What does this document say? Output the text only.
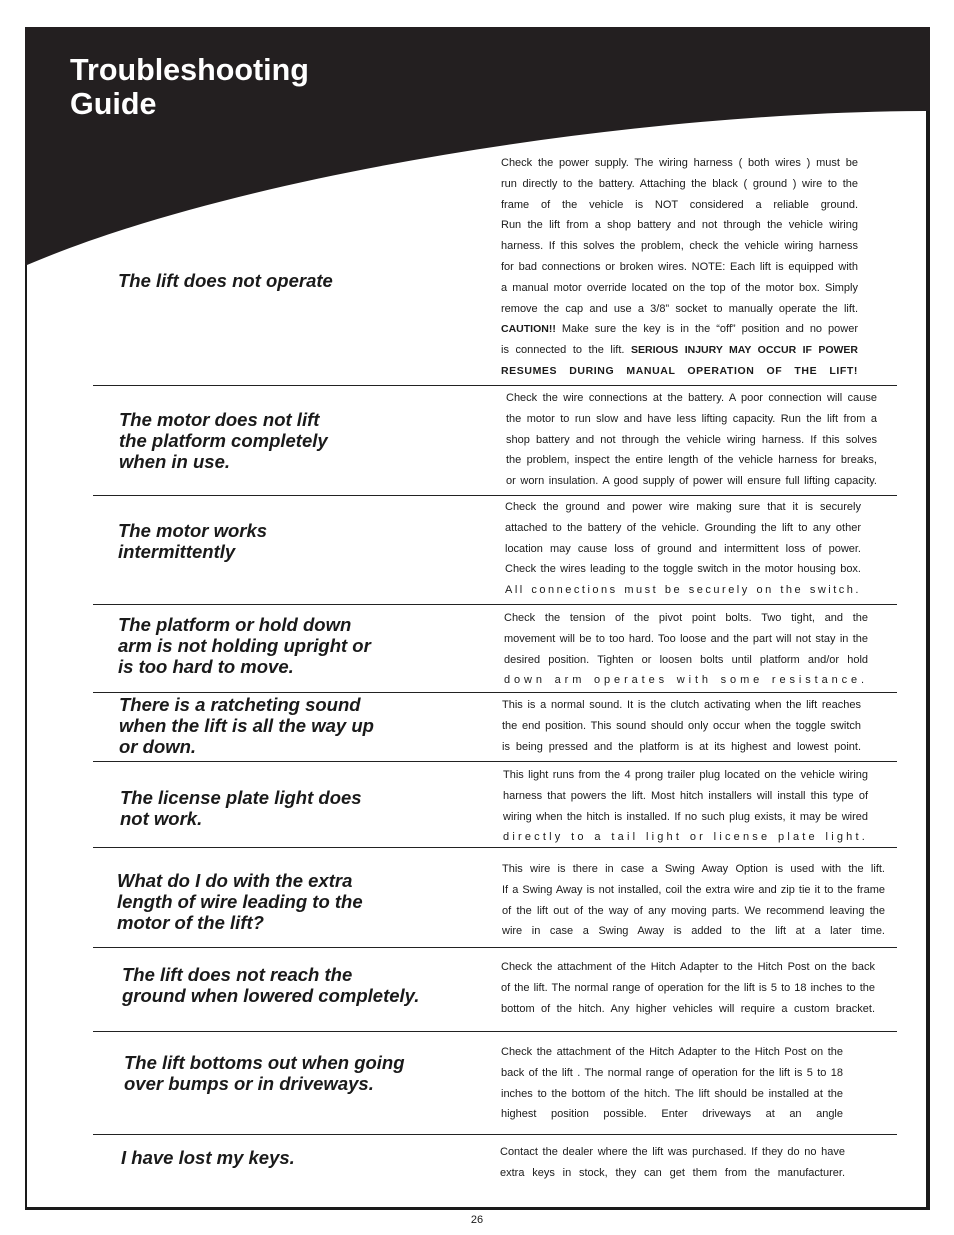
Troubleshooting
Guide
The lift does not operate
Check the power supply. The wiring harness ( both wires ) must be
run directly to the battery. Attaching the black ( ground ) wire to the
frame of the vehicle is NOT considered a reliable ground.
Run the lift from a shop battery and not through the vehicle wiring
harness. If this solves the problem, check the vehicle wiring harness
for bad connections or broken wires. NOTE: Each lift is equipped with
a manual motor override located on the top of the motor box. Simply
remove the cap and use a 3/8” socket to manually operate the lift.
CAUTION!! Make sure the key is in the “off” position and no power
is connected to the lift. SERIOUS INJURY MAY OCCUR IF POWER
RESUMES DURING MANUAL OPERATION OF THE LIFT!
The motor does not lift
the platform completely
when in use.
Check the wire connections at the battery. A poor connection will cause
the motor to run slow and have less lifting capacity. Run the lift from a
shop battery and not through the vehicle wiring harness. If this solves
the problem, inspect the entire length of the vehicle harness for breaks,
or worn insulation. A good supply of power will ensure full lifting capacity.
The motor works
intermittently
Check the ground and power wire making sure that it is securely
attached to the battery of the vehicle. Grounding the lift to any other
location may cause loss of ground and intermittent loss of power.
Check the wires leading to the toggle switch in the motor housing box.
All connections must be securely on the switch.
The platform or hold down
arm is not holding upright or
is too hard to move.
Check the tension of the pivot point bolts. Two tight, and the
movement will be to too hard. Too loose and the part will not stay in the
desired position. Tighten or loosen bolts until platform and/or hold
down arm operates with some resistance.
There is a ratcheting sound
when the lift is all the way up
or down.
This is a normal sound. It is the clutch activating when the lift reaches
the end position. This sound should only occur when the toggle switch
is being pressed and the platform is at its highest and lowest point.
The license plate light does
not work.
This light runs from the 4 prong trailer plug located on the vehicle wiring
harness that powers the lift. Most hitch installers will install this type of
wiring when the hitch is installed. If no such plug exists, it may be wired
directly to a tail light or license plate light.
What do I do with the extra
length of wire leading to the
motor of the lift?
This wire is there in case a Swing Away Option is used with the lift.
If a Swing Away is not installed, coil the extra wire and zip tie it to the frame
of the lift out of the way of any moving parts. We recommend leaving the
wire in case a Swing Away is added to the lift at a later time.
The lift does not reach the
ground when lowered completely.
Check the attachment of the Hitch Adapter to the Hitch Post on the back
of the lift. The normal range of operation for the lift is 5 to 18 inches to the
bottom of the hitch. Any higher vehicles will require a custom bracket.
The lift bottoms out when going
over bumps or in driveways.
Check the attachment of the Hitch Adapter to the Hitch Post on the
back of the lift . The normal range of operation for the lift is 5 to 18
inches to the bottom of the hitch. The lift should be installed at the
highest position possible. Enter driveways at an angle
I have lost my keys.	Contact the dealer where the lift was purchased. If they do no have
extra keys in stock, they can get them from the manufacturer.
26
